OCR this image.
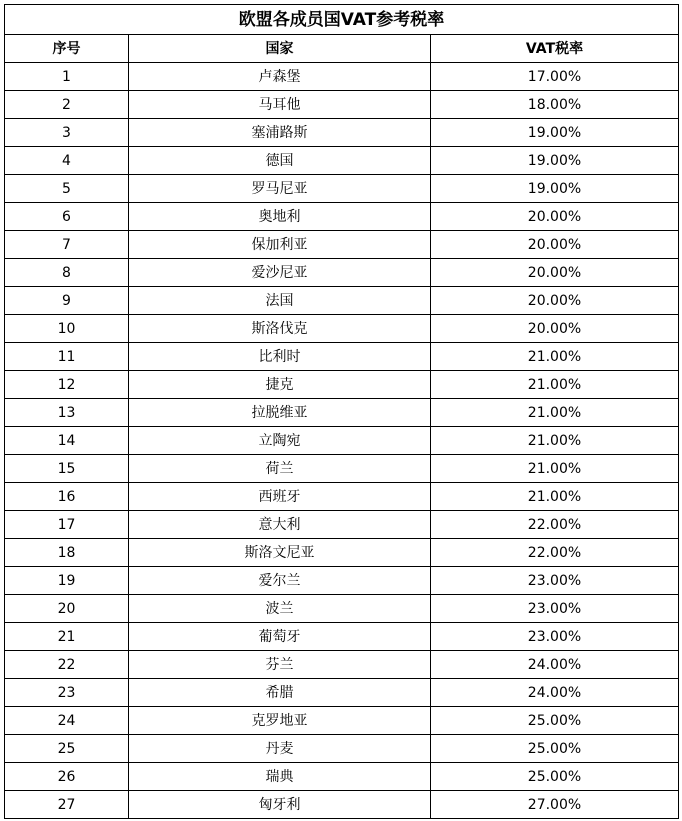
欧盟各成员国VAT参考税率		
序号	国家	VAT税率
1	卢森堡	17.00%
2	马耳他	18.00%
3	塞浦路斯	19.00%
4	德国	19.00%
5	罗马尼亚	19.00%
6	奥地利	20.00%
7	保加利亚	20.00%
8	爱沙尼亚	20.00%
9	法国	20.00%
10	斯洛伐克	20.00%
11	比利时	21.00%
12	捷克	21.00%
13	拉脱维亚	21.00%
14	立陶宛	21.00%
15	荷兰	21.00%
16	西班牙	21.00%
17	意大利	22.00%
18	斯洛文尼亚	22.00%
19	爱尔兰	23.00%
20	波兰	23.00%
21	葡萄牙	23.00%
22	芬兰	24.00%
23	希腊	24.00%
24	克罗地亚	25.00%
25	丹麦	25.00%
26	瑞典	25.00%
27	匈牙利	27.00%
